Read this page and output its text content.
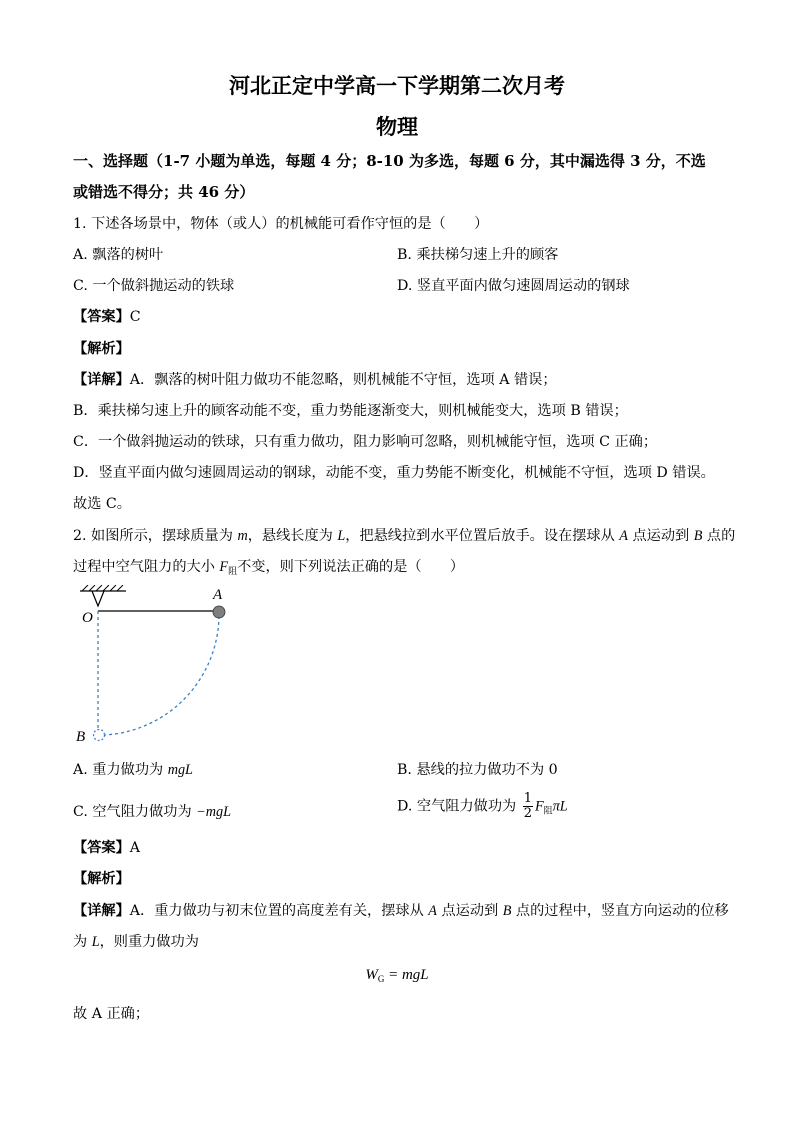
河北正定中学高一下学期第二次月考
物理
一、选择题（1-7 小题为单选，每题 4 分；8-10 为多选，每题 6 分，其中漏选得 3 分，不选
或错选不得分；共 46 分）
1. 下述各场景中，物体（或人）的机械能可看作守恒的是（　　）
A. 飘落的树叶	B. 乘扶梯匀速上升的顾客
C. 一个做斜抛运动的铁球	D. 竖直平面内做匀速圆周运动的钢球
【答案】C
【解析】
【详解】A．飘落的树叶阻力做功不能忽略，则机械能不守恒，选项 A 错误；
B．乘扶梯匀速上升的顾客动能不变，重力势能逐渐变大，则机械能变大，选项 B 错误；
C．一个做斜抛运动的铁球，只有重力做功，阻力影响可忽略，则机械能守恒，选项 C 正确；
D．竖直平面内做匀速圆周运动的钢球，动能不变，重力势能不断变化，机械能不守恒，选项 D 错误。
故选 C。
2. 如图所示，摆球质量为 m，悬线长度为 L，把悬线拉到水平位置后放手。设在摆球从 A 点运动到 B 点的
过程中空气阻力的大小 $F_阻$不变，则下列说法正确的是（　　）
O
A
B
A. 重力做功为 mgL	B. 悬线的拉力做功不为 0
C. 空气阻力做功为 −mgL	D. 空气阻力做功为 $\frac{1}{2} F_阻\pi L$
【答案】A
【解析】
【详解】A．重力做功与初末位置的高度差有关，摆球从 A 点运动到 B 点的过程中，竖直方向运动的位移
为 L，则重力做功为
$W_G$ = mgL
故 A 正确；
